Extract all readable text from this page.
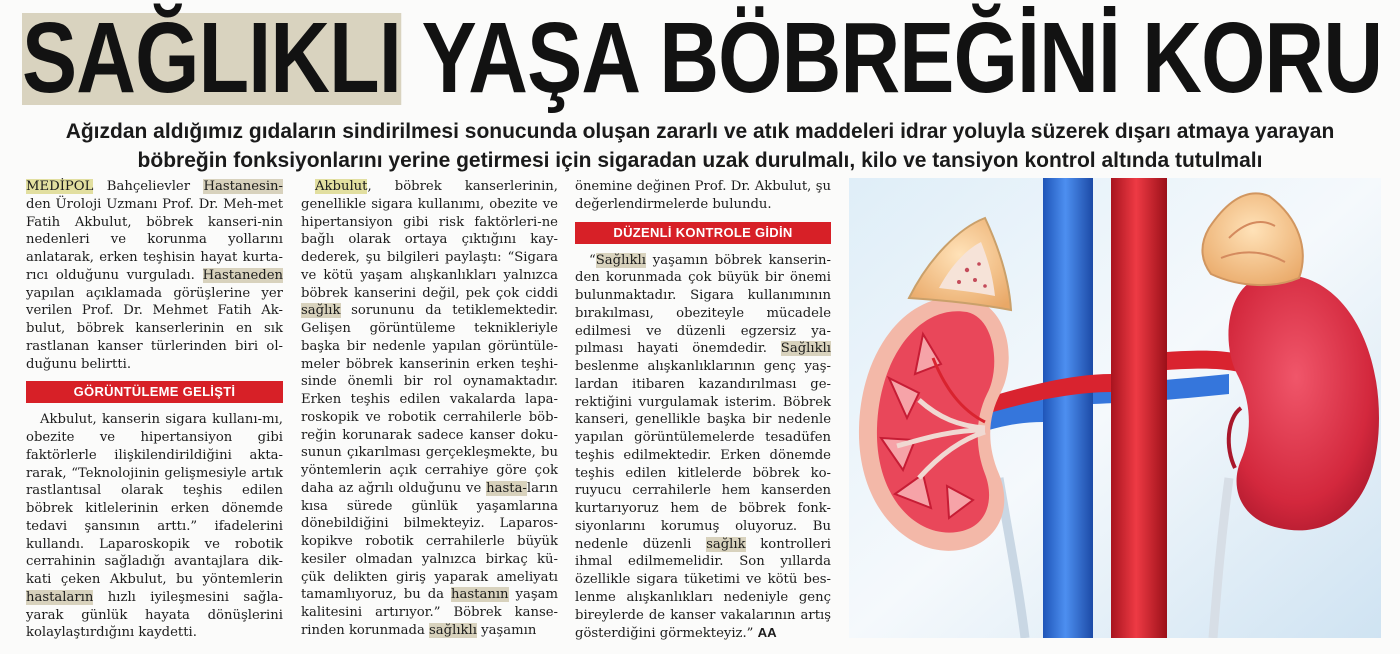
SAĞLIKLI YAŞA BÖBREĞİNİ KORU
Ağızdan aldığımız gıdaların sindirilmesi sonucunda oluşan zararlı ve atık maddeleri idrar yoluyla süzerek dışarı atmaya yarayan
böbreğin fonksiyonlarını yerine getirmesi için sigaradan uzak durulmalı, kilo ve tansiyon kontrol altında tutulmalı

MEDİPOL Bahçelievler Hastanesin-den Üroloji Uzmanı Prof. Dr. Meh-met Fatih Akbulut, böbrek kanseri-nin nedenleri ve korunma yollarını anlatarak, erken teşhisin hayat kurta-rıcı olduğunu vurguladı. Hastaneden yapılan açıklamada görüşlerine yer verilen Prof. Dr. Mehmet Fatih Ak-bulut, böbrek kanserlerinin en sık rastlanan kanser türlerinden biri ol-duğunu belirtti.

GÖRÜNTÜLEME GELİŞTİ

Akbulut, kanserin sigara kullanı-mı, obezite ve hipertansiyon gibi faktörlerle ilişkilendirildiğini akta-rarak, “Teknolojinin gelişmesiyle artık rastlantısal olarak teşhis edilen böbrek kitlelerinin erken dönemde tedavi şansının arttı.” ifadelerini kullandı. Laparoskopik ve robotik cerrahinin sağladığı avantajlara dik-kati çeken Akbulut, bu yöntemlerin hastaların hızlı iyileşmesini sağla-yarak günlük hayata dönüşlerini kolaylaştırdığını kaydetti.

Akbulut, böbrek kanserlerinin, genellikle sigara kullanımı, obezite ve hipertansiyon gibi risk faktörleri-ne bağlı olarak ortaya çıktığını kay-dederek, şu bilgileri paylaştı: “Sigara ve kötü yaşam alışkanlıkları yalnızca böbrek kanserini değil, pek çok ciddi sağlık sorununu da tetiklemektedir. Gelişen görüntüleme teknikleriyle başka bir nedenle yapılan görüntüle-meler böbrek kanserinin erken teşhi-sinde önemli bir rol oynamaktadır. Erken teşhis edilen vakalarda lapa-roskopik ve robotik cerrahilerle böb-reğin korunarak sadece kanser doku-sunun çıkarılması gerçekleşmekte, bu yöntemlerin açık cerrahiye göre çok daha az ağrılı olduğunu ve hasta-ların kısa sürede günlük yaşamlarına dönebildiğini bilmekteyiz. Laparos-kopikve robotik cerrahilerle büyük kesiler olmadan yalnızca birkaç kü-çük delikten giriş yaparak ameliyatı tamamlıyoruz, bu da hastanın yaşam kalitesini artırıyor.” Böbrek kanse-rinden korunmada sağlıklı yaşamın

önemine değinen Prof. Dr. Akbulut, şu değerlendirmelerde bulundu.

DÜZENLİ KONTROLE GİDİN

“Sağlıklı yaşamın böbrek kanserin-den korunmada çok büyük bir önemi bulunmaktadır. Sigara kullanımının bırakılması, obeziteyle mücadele edilmesi ve düzenli egzersiz ya-pılması hayati önemdedir. Sağlıklı beslenme alışkanlıklarının genç yaş-lardan itibaren kazandırılması ge-rektiğini vurgulamak isterim. Böbrek kanseri, genellikle başka bir nedenle yapılan görüntülemelerde tesadüfen teşhis edilmektedir. Erken dönemde teşhis edilen kitlelerde böbrek ko-ruyucu cerrahilerle hem kanserden kurtarıyoruz hem de böbrek fonk-siyonlarını korumuş oluyoruz. Bu nedenle düzenli sağlık kontrolleri ihmal edilmemelidir. Son yıllarda özellikle sigara tüketimi ve kötü bes-lenme alışkanlıkları nedeniyle genç bireylerde de kanser vakalarının artış gösterdiğini görmekteyiz.” AA
